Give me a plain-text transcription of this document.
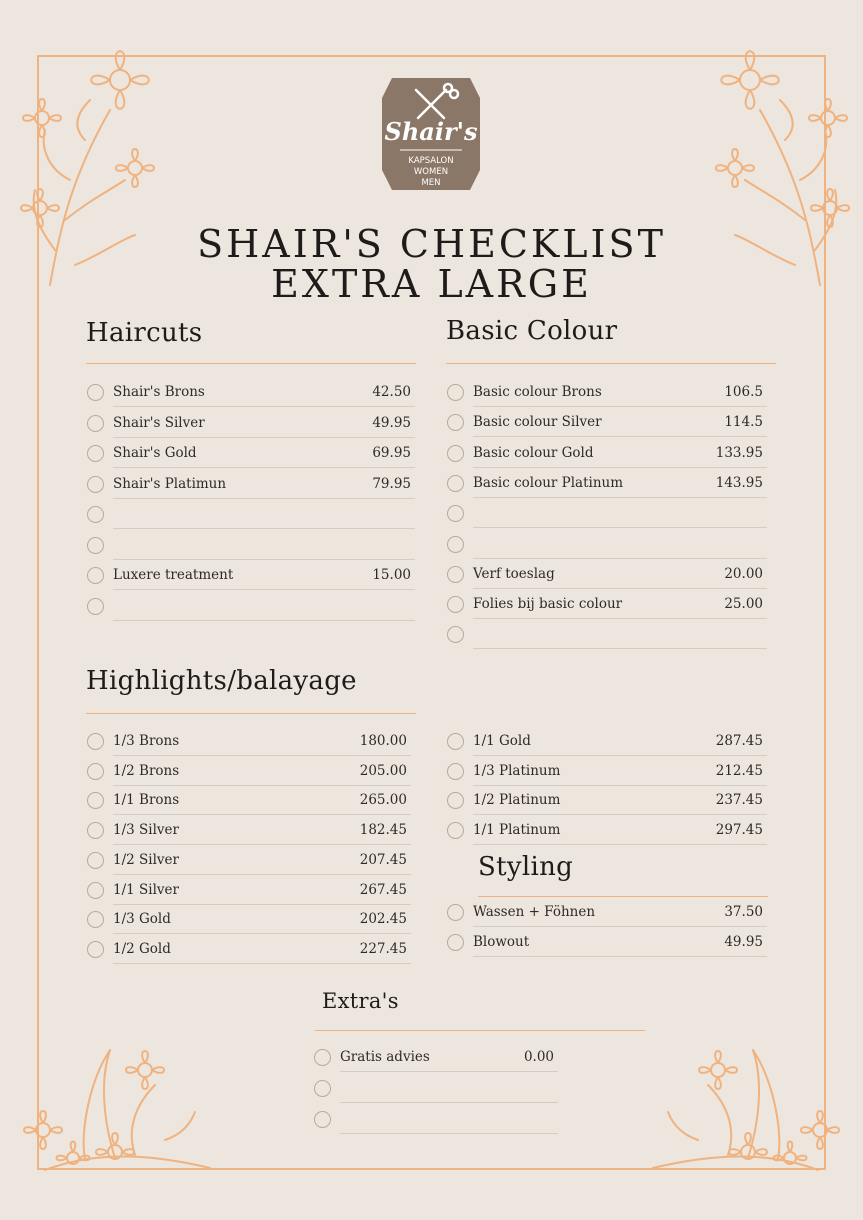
Shair's
KAPSALON
WOMEN
MEN
SHAIR'S CHECKLIST
EXTRA LARGE
Haircuts	Basic Colour
Highlights/balayage
Styling
Extra's
Shair's Brons	42.50
Shair's Silver	49.95
Shair's Gold	69.95
Shair's Platimun	79.95
Luxere treatment	15.00
Basic colour Brons	106.5
Basic colour Silver	114.5
Basic colour Gold	133.95
Basic colour Platinum	143.95
Verf toeslag	20.00
Folies bij basic colour	25.00
1/3 Brons	180.00
1/2 Brons	205.00
1/1 Brons	265.00
1/3 Silver	182.45
1/2 Silver	207.45
1/1 Silver	267.45
1/3 Gold	202.45
1/2 Gold	227.45
1/1 Gold	287.45
1/3 Platinum	212.45
1/2 Platinum	237.45
1/1 Platinum	297.45
Wassen + Föhnen	37.50
Blowout	49.95
Gratis advies	0.00
